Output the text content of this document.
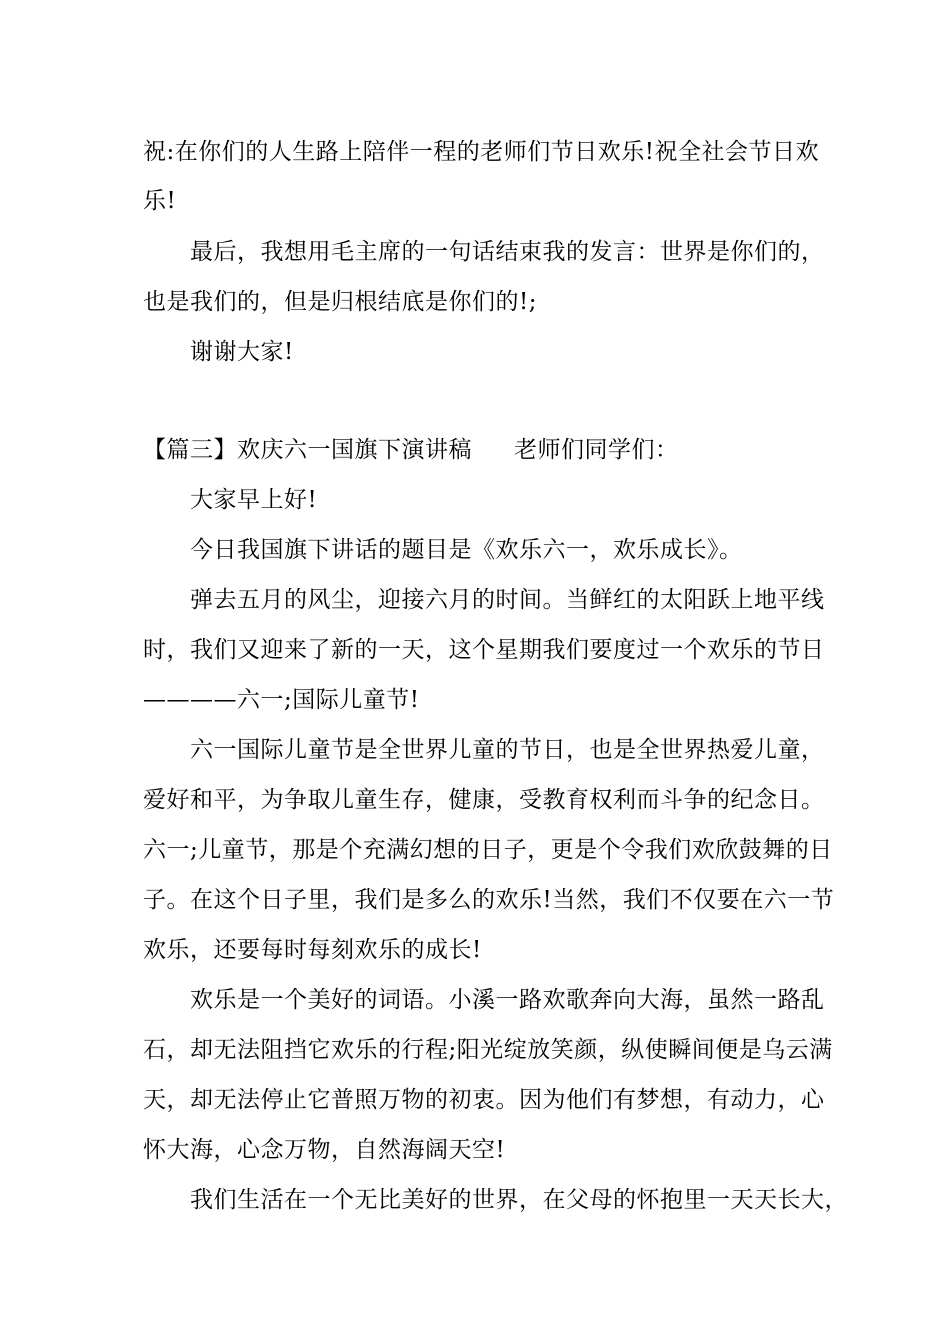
祝:在你们的人生路上陪伴一程的老师们节日欢乐!祝全社会节日欢
乐!
最后，我想用毛主席的一句话结束我的发言：世界是你们的，
也是我们的，但是归根结底是你们的!;
谢谢大家!
【篇三】欢庆六一国旗下演讲稿 老师们同学们：
大家早上好!
今日我国旗下讲话的题目是《欢乐六一，欢乐成长》。
弹去五月的风尘，迎接六月的时间。当鲜红的太阳跃上地平线
时，我们又迎来了新的一天，这个星期我们要度过一个欢乐的节日
————六一;国际儿童节!
六一国际儿童节是全世界儿童的节日，也是全世界热爱儿童，
爱好和平，为争取儿童生存，健康，受教育权利而斗争的纪念日。
六一;儿童节，那是个充满幻想的日子，更是个令我们欢欣鼓舞的日
子。在这个日子里，我们是多么的欢乐!当然，我们不仅要在六一节
欢乐，还要每时每刻欢乐的成长!
欢乐是一个美好的词语。小溪一路欢歌奔向大海，虽然一路乱
石，却无法阻挡它欢乐的行程;阳光绽放笑颜，纵使瞬间便是乌云满
天，却无法停止它普照万物的初衷。因为他们有梦想，有动力，心
怀大海，心念万物，自然海阔天空!
我们生活在一个无比美好的世界，在父母的怀抱里一天天长大，
